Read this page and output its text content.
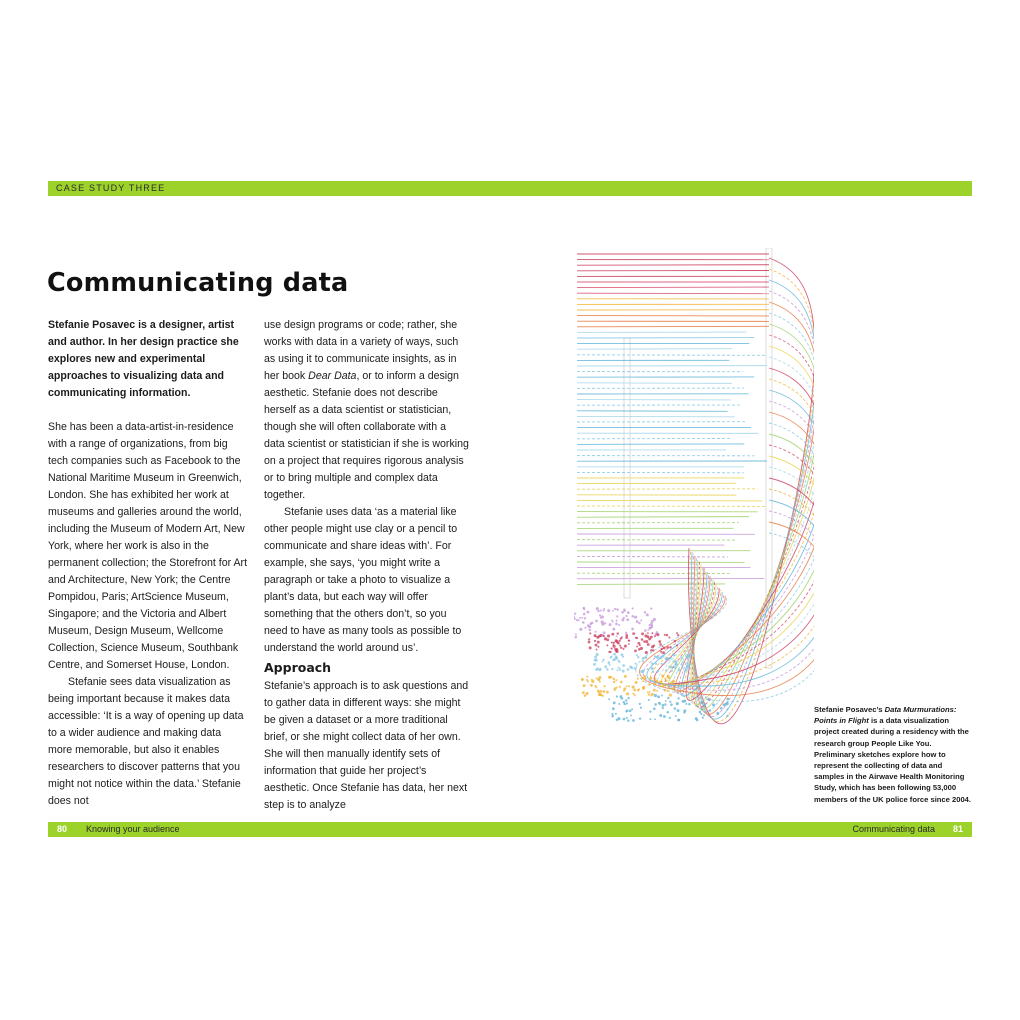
CASE STUDY THREE
Communicating data

Stefanie Posavec is a designer, artist and author. In her design practice she explores new and experimental approaches to visualizing data and communicating information.

She has been a data-artist-in-residence with a range of organizations, from big tech companies such as Facebook to the National Maritime Museum in Greenwich, London. She has exhibited her work at museums and galleries around the world, including the Museum of Modern Art, New York, where her work is also in the permanent collection; the Storefront for Art and Architecture, New York; the Centre Pompidou, Paris; ArtScience Museum, Singapore; and the Victoria and Albert Museum, Design Museum, Wellcome Collection, Science Museum, Southbank Centre, and Somerset House, London.

Stefanie sees data visualization as being important because it makes data accessible: ‘It is a way of opening up data to a wider audience and making data more memorable, but also it enables researchers to discover patterns that you might not notice within the data.’ Stefanie does not

use design programs or code; rather, she works with data in a variety of ways, such as using it to communicate insights, as in her book Dear Data, or to inform a design aesthetic. Stefanie does not describe herself as a data scientist or statistician, though she will often collaborate with a data scientist or statistician if she is working on a project that requires rigorous analysis or to bring multiple and complex data together.

Stefanie uses data ‘as a material like other people might use clay or a pencil to communicate and share ideas with’. For example, she says, ‘you might write a paragraph or take a photo to visualize a plant’s data, but each way will offer something that the others don’t, so you need to have as many tools as possible to understand the world around us’.

Approach

Stefanie’s approach is to ask questions and to gather data in different ways: she might be given a dataset or a more traditional brief, or she might collect data of her own. She will then manually identify sets of information that guide her project’s aesthetic. Once Stefanie has data, her next step is to analyze

Stefanie Posavec’s Data Murmurations: Points in Flight is a data visualization project created during a residency with the research group People Like You. Preliminary sketches explore how to represent the collecting of data and samples in the Airwave Health Monitoring Study, which has been following 53,000 members of the UK police force since 2004.
80 Knowing your audience	Communicating data 81
